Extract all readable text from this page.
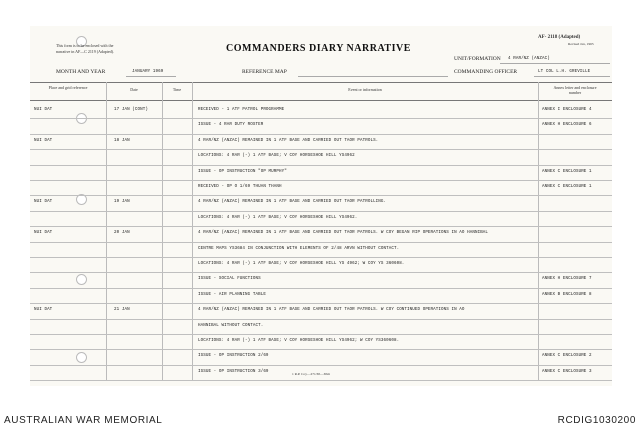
This form is to be enclosed with the
narrative in AF—C 2119 (Adapted).	COMMANDERS DIARY NARRATIVE
AF- 2118 (Adapted)
Revised Jan, 1965
UNIT/FORMATION 4 RAR/NZ (ANZAC)
MONTH AND YEAR	JANUARY 1969	REFERENCE MAP	COMMANDING OFFICER	LT COL L.H. GREVILLE
Place and grid reference	Date	Time	Event or information	Annex letter and enclosure number
NUI DAT	17 JAN (CONT)	RECEIVED - 1 ATF PATROL PROGRAMME	ANNEX I ENCLOSURE 4
ISSUE - 4 RAR DUTY ROSTER	ANNEX H ENCLOSURE 6
NUI DAT	18 JAN	4 RAR/NZ (ANZAC) REMAINED IN 1 ATF BASE AND CARRIED OUT TAOR PATROLS.
LOCATIONS: 4 RAR (-) 1 ATF BASE; V COY HORSESHOE HILL YS4962
ISSUE - OP INSTRUCTION "OP MURPHY"	ANNEX C ENCLOSURE 1
RECEIVED - OP O 1/69 THUAN THANH	ANNEX C ENCLOSURE 1
NUI DAT	19 JAN	4 RAR/NZ (ANZAC) REMAINED IN 1 ATF BASE AND CARRIED OUT TAOR PATROLLING.
LOCATIONS: 4 RAR (-) 1 ATF BASE; V COY HORSESHOE HILL YS4962.
NUI DAT	20 JAN	4 RAR/NZ (ANZAC) REMAINED IN 1 ATF BASE AND CARRIED OUT TAOR PATROLS. W COY BEGAN RIP OPERATIONS IN AO HANNIBAL
CENTRE MAPS YS3684 IN CONJUNCTION WITH ELEMENTS OF 2/48 ARVN WITHOUT CONTACT.
LOCATIONS: 4 RAR (-) 1 ATF BASE; V COY HORSESHOE HILL YS 4962; W COY YS 360608.
ISSUE - SOCIAL FUNCTIONS	ANNEX H ENCLOSURE 7
ISSUE - AIR PLANNING TABLE	ANNEX B ENCLOSURE 8
NUI DAT	21 JAN	4 RAR/NZ (ANZAC) REMAINED IN 1 ATF BASE AND CARRIED OUT TAOR PATROLS. W COY CONTINUED OPERATIONS IN AO
HANNIBAL WITHOUT CONTACT.
LOCATIONS: 4 RAR (-) 1 ATF BASE; V COY HORSESHOE HILL YS4962; W COY YS360608.
ISSUE - OP INSTRUCTION 2/69	ANNEX C ENCLOSURE 2
ISSUE - OP INSTRUCTION 3/69	ANNEX C ENCLOSURE 3
1 R.P. Coy—271/65—65m
AUSTRALIAN WAR MEMORIAL	RCDIG1030200
